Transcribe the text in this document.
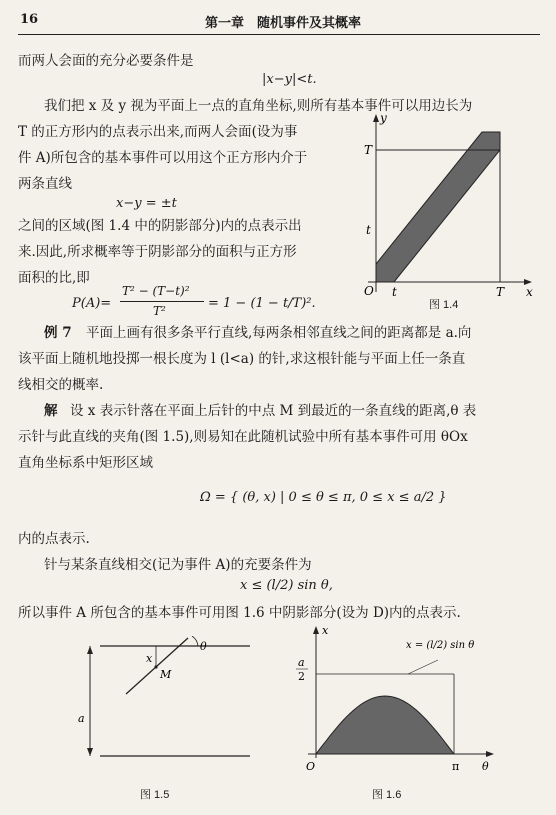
16	第一章　随机事件及其概率
而两人会面的充分必要条件是
|x−y|<t.
我们把 x 及 y 视为平面上一点的直角坐标,则所有基本事件可以用边长为
T 的正方形内的点表示出来,而两人会面(设为事
件 A)所包含的基本事件可以用这个正方形内介于
两条直线
x−y = ±t
之间的区域(图 1.4 中的阴影部分)内的点表示出
来.因此,所求概率等于阴影部分的面积与正方形
面积的比,即
P(A)=
T² − (T−t)²
T²	= 1 − (1 − t/T)².
例 7 平面上画有很多条平行直线,每两条相邻直线之间的距离都是 a.向
该平面上随机地投掷一根长度为 l (l<a) 的针,求这根针能与平面上任一条直
线相交的概率.
解 设 x 表示针落在平面上后针的中点 M 到最近的一条直线的距离,θ 表
示针与此直线的夹角(图 1.5),则易知在此随机试验中所有基本事件可用 θOx
直角坐标系中矩形区域
Ω = { (θ, x) | 0 ≤ θ ≤ π, 0 ≤ x ≤ a/2 }
内的点表示.
针与某条直线相交(记为事件 A)的充要条件为
x ≤ (l/2) sin θ,
所以事件 A 所包含的基本事件可用图 1.6 中阴影部分(设为 D)内的点表示.
y
x
O
T
t
t	T
图 1.4
θ
x
M
a
图 1.5
x
a
2
O	π θ
x = (l/2) sin θ
图 1.6
